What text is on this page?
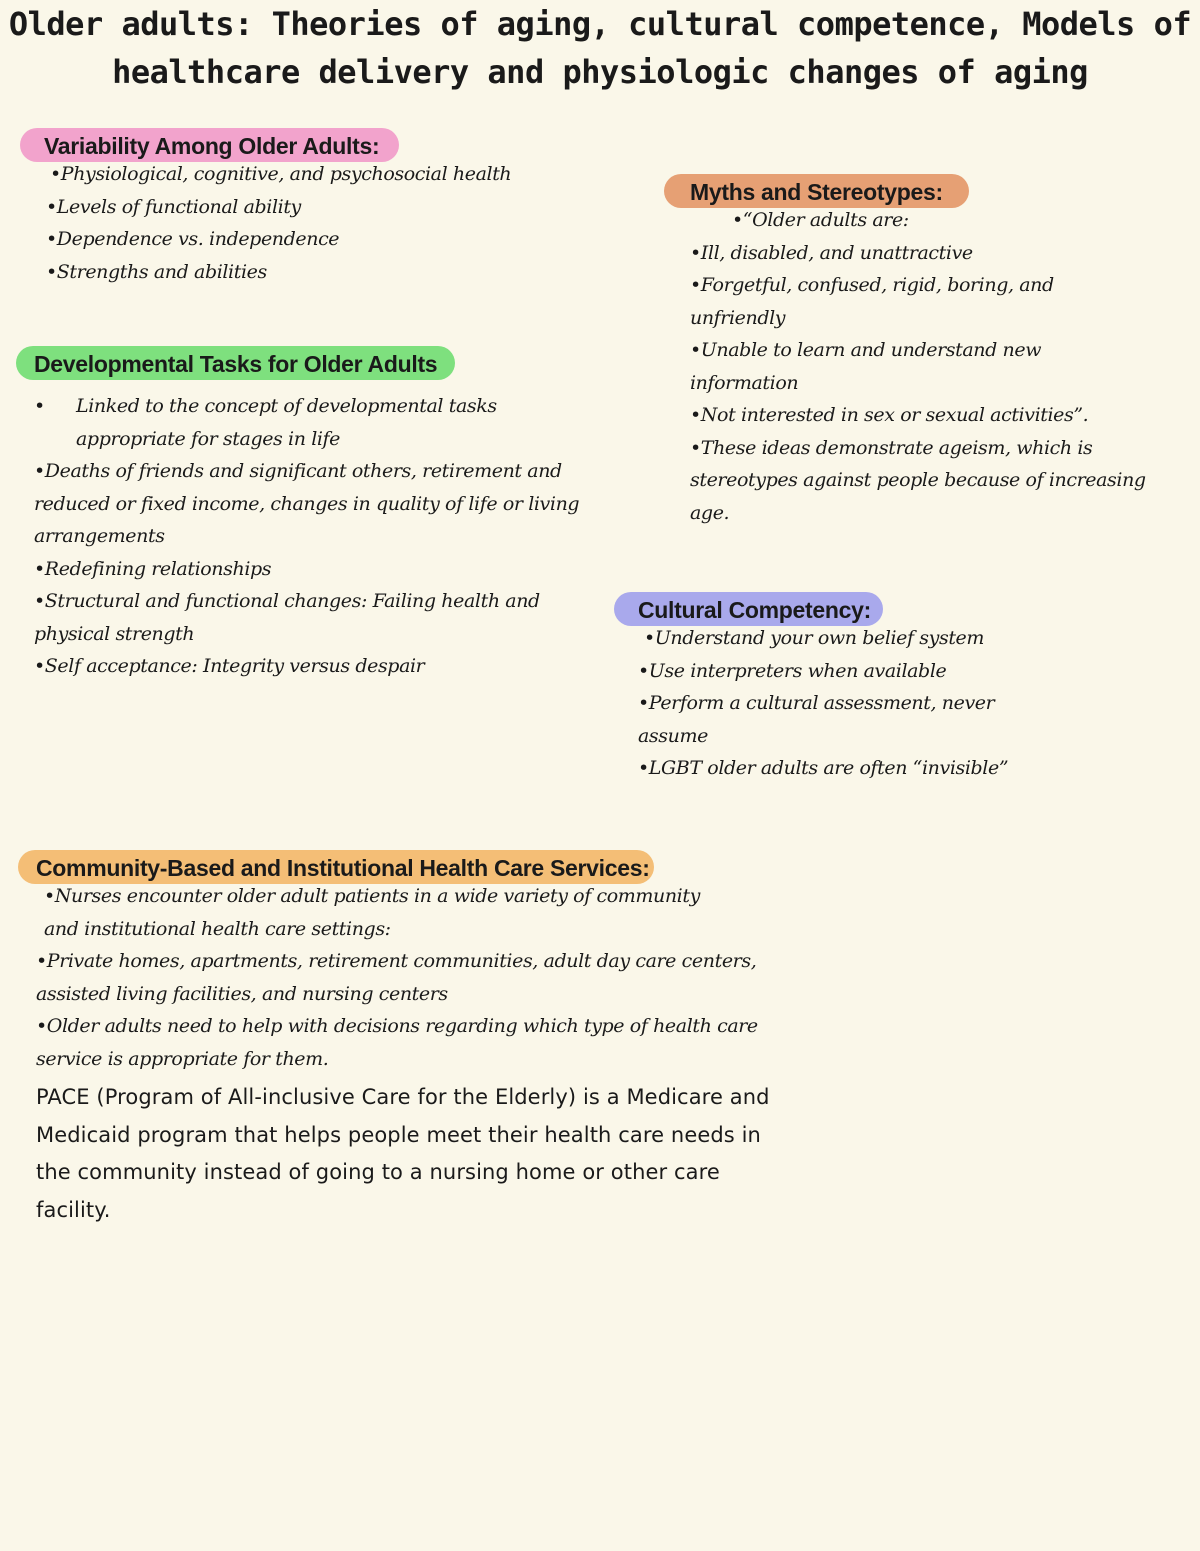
Older adults: Theories of aging, cultural competence, Models of
healthcare delivery and physiologic changes of aging
Variability Among Older Adults:
•Physiological, cognitive, and psychosocial health
•Levels of functional ability
•Dependence vs. independence
•Strengths and abilities
Developmental Tasks for Older Adults
•	Linked to the concept of developmental tasks appropriate for stages in life
•Deaths of friends and significant others, retirement and reduced or fixed income, changes in quality of life or living arrangements
•Redefining relationships
•Structural and functional changes: Failing health and physical strength
•Self acceptance: Integrity versus despair
Myths and Stereotypes:
•“Older adults are:
•Ill, disabled, and unattractive
•Forgetful, confused, rigid, boring, and unfriendly
•Unable to learn and understand new information
•Not interested in sex or sexual activities”.
•These ideas demonstrate ageism, which is stereotypes against people because of increasing age.
Cultural Competency:
•Understand your own belief system
•Use interpreters when available
•Perform a cultural assessment, never assume
•LGBT older adults are often “invisible”
Community-Based and Institutional Health Care Services:
•Nurses encounter older adult patients in a wide variety of community and institutional health care settings:
•Private homes, apartments, retirement communities, adult day care centers, assisted living facilities, and nursing centers
•Older adults need to help with decisions regarding which type of health care service is appropriate for them.

PACE (Program of All-inclusive Care for the Elderly) is a Medicare and Medicaid program that helps people meet their health care needs in the community instead of going to a nursing home or other care facility.
